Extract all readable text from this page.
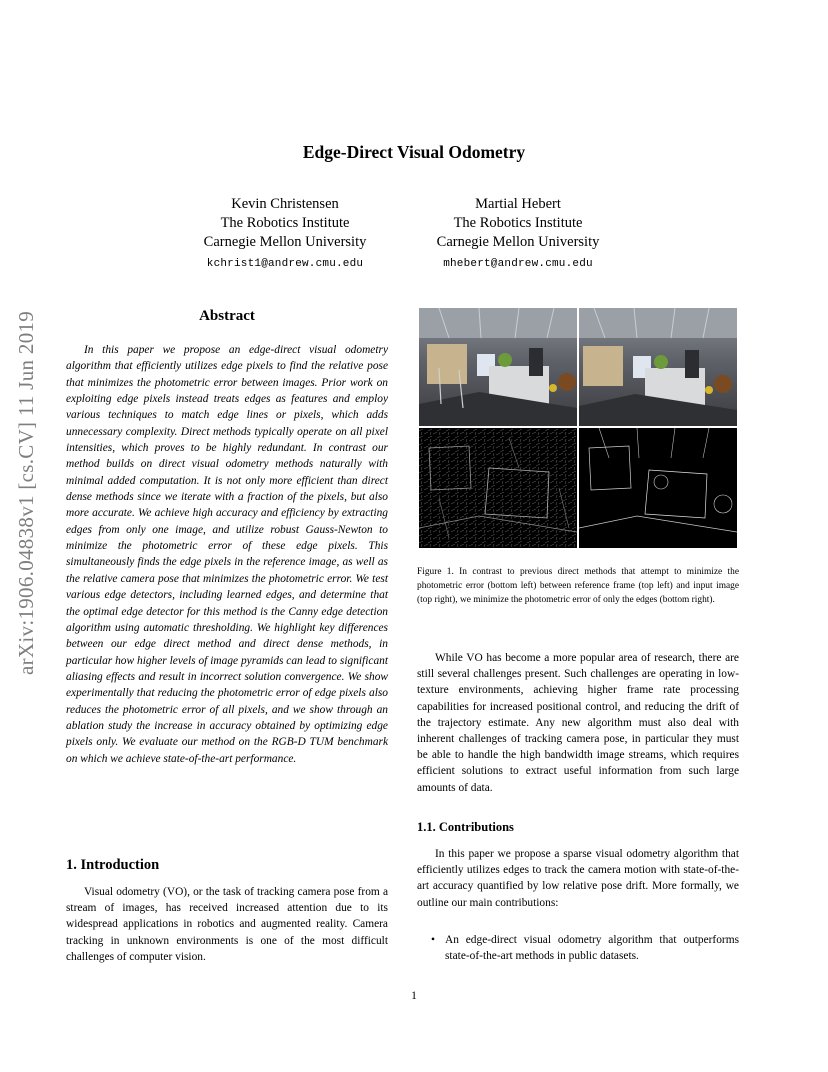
Edge-Direct Visual Odometry
Kevin Christensen
The Robotics Institute
Carnegie Mellon University
kchrist1@andrew.cmu.edu
Martial Hebert
The Robotics Institute
Carnegie Mellon University
mhebert@andrew.cmu.edu
arXiv:1906.04838v1 [cs.CV] 11 Jun 2019	Abstract
In this paper we propose an edge-direct visual odometry algorithm that efficiently utilizes edge pixels to find the relative pose that minimizes the photometric error between images. Prior work on exploiting edge pixels instead treats edges as features and employ various techniques to match edge lines or pixels, which adds unnecessary complexity. Direct methods typically operate on all pixel intensities, which proves to be highly redundant. In contrast our method builds on direct visual odometry methods naturally with minimal added computation. It is not only more efficient than direct dense methods since we iterate with a fraction of the pixels, but also more accurate. We achieve high accuracy and efficiency by extracting edges from only one image, and utilize robust Gauss-Newton to minimize the photometric error of these edge pixels. This simultaneously finds the edge pixels in the reference image, as well as the relative camera pose that minimizes the photometric error. We test various edge detectors, including learned edges, and determine that the optimal edge detector for this method is the Canny edge detection algorithm using automatic thresholding. We highlight key differences between our edge direct method and direct dense methods, in particular how higher levels of image pyramids can lead to significant aliasing effects and result in incorrect solution convergence. We show experimentally that reducing the photometric error of edge pixels also reduces the photometric error of all pixels, and we show through an ablation study the increase in accuracy obtained by optimizing edge pixels only. We evaluate our method on the RGB-D TUM benchmark on which we achieve state-of-the-art performance.
1. Introduction

Visual odometry (VO), or the task of tracking camera pose from a stream of images, has received increased attention due to its widespread applications in robotics and augmented reality. Camera tracking in unknown environments is one of the most difficult challenges of computer vision.

Figure 1. In contrast to previous direct methods that attempt to minimize the photometric error (bottom left) between reference frame (top left) and input image (top right), we minimize the photometric error of only the edges (bottom right).

While VO has become a more popular area of research, there are still several challenges present. Such challenges are operating in low-texture environments, achieving higher frame rate processing capabilities for increased positional control, and reducing the drift of the trajectory estimate. Any new algorithm must also deal with inherent challenges of tracking camera pose, in particular they must be able to handle the high bandwidth image streams, which requires efficient solutions to extract useful information from such large amounts of data.

1.1. Contributions

In this paper we propose a sparse visual odometry algorithm that efficiently utilizes edges to track the camera motion with state-of-the-art accuracy quantified by low relative pose drift. More formally, we outline our main contributions:

• An edge-direct visual odometry algorithm that outperforms state-of-the-art methods in public datasets.
1
